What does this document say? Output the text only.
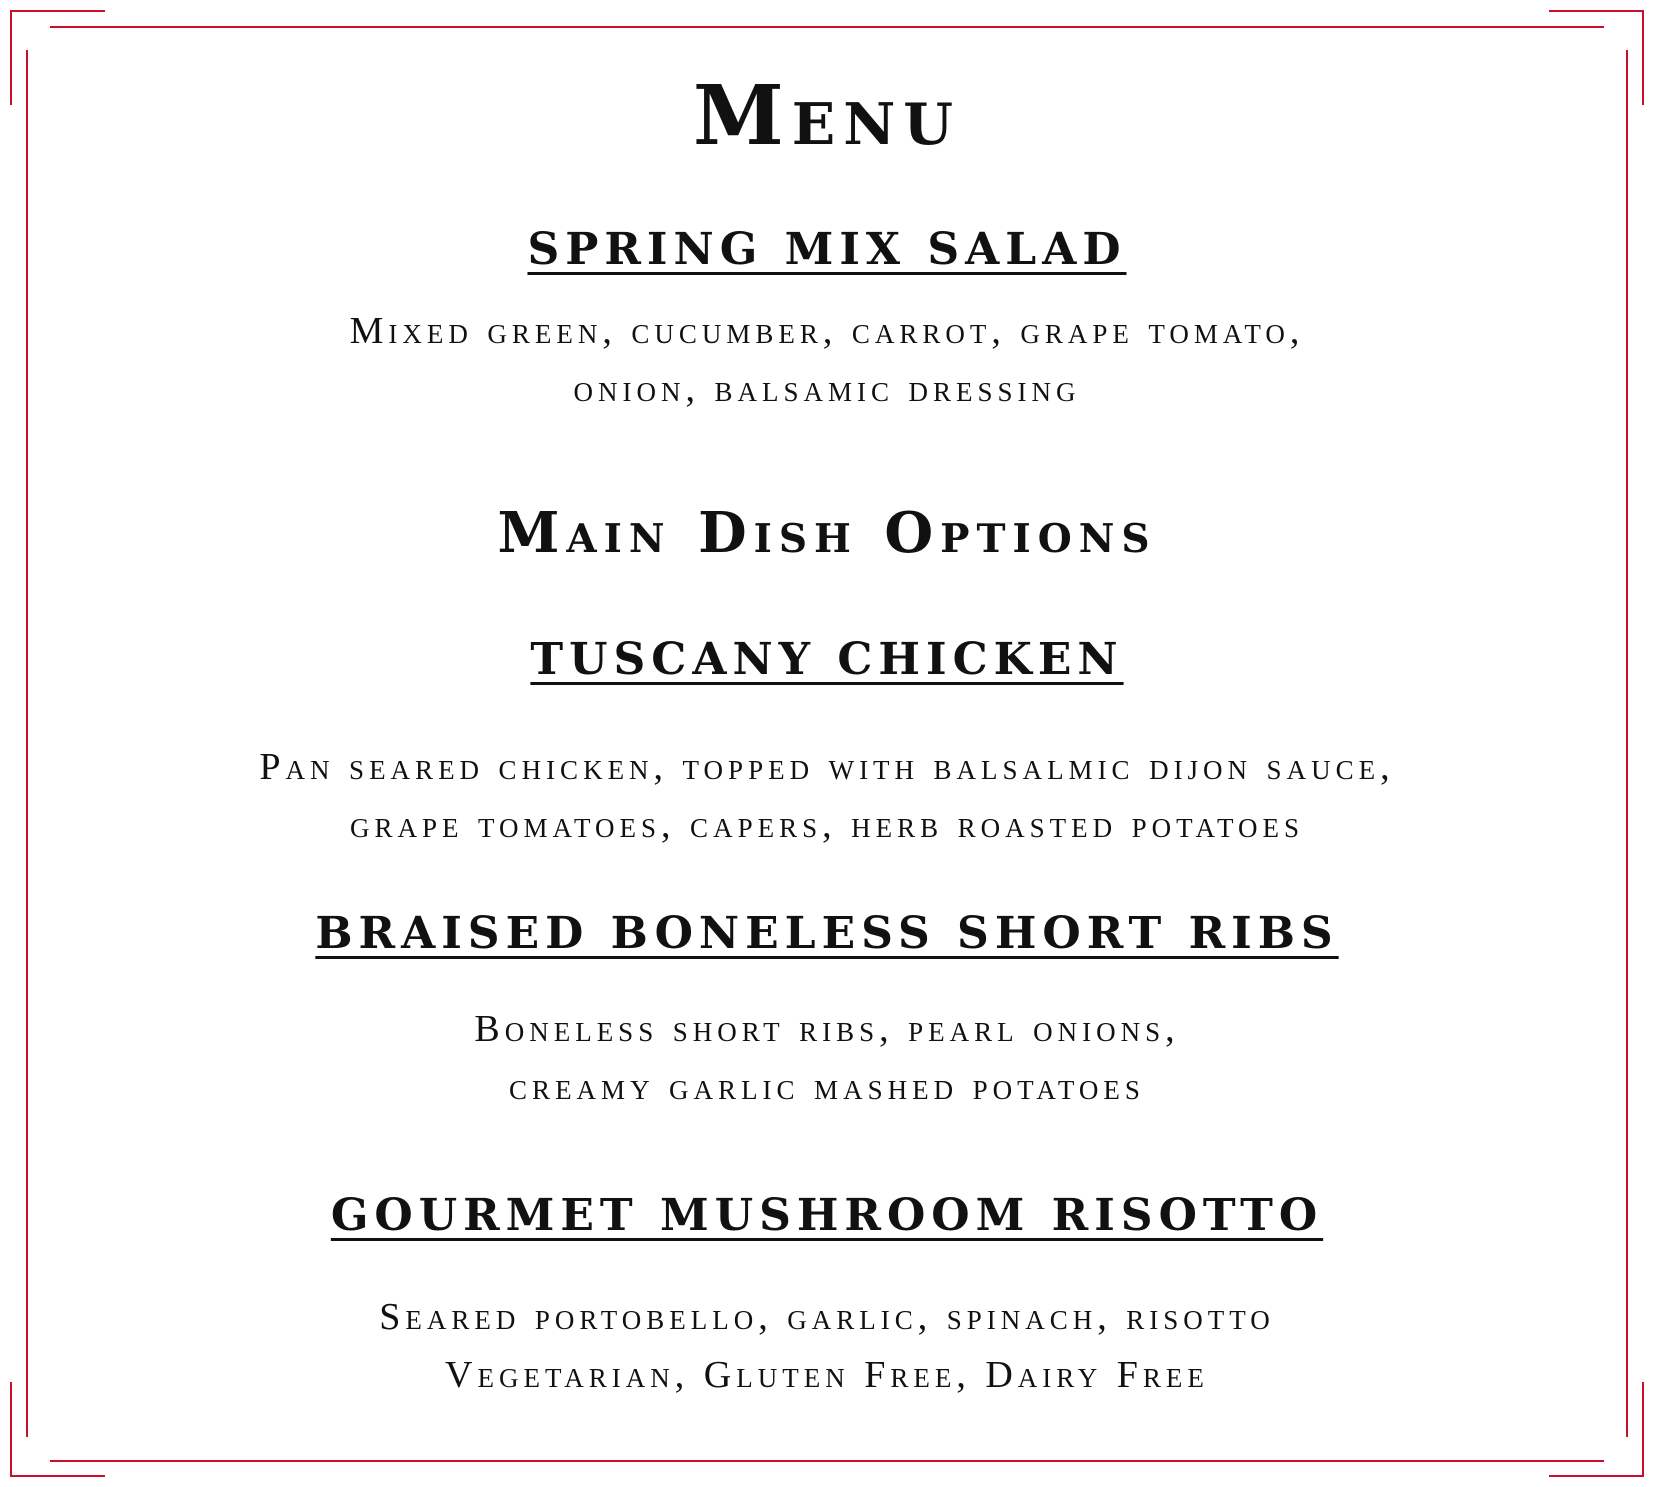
Menu
SPRING MIX SALAD
Mixed green, cucumber, carrot, grape tomato,
onion, balsamic dressing
Main Dish Options
TUSCANY CHICKEN
Pan seared chicken, topped with balsalmic dijon sauce,
grape tomatoes, capers, herb roasted potatoes
BRAISED BONELESS SHORT RIBS
Boneless short ribs, pearl onions,
creamy garlic mashed potatoes
GOURMET MUSHROOM RISOTTO
Seared portobello, garlic, spinach, risotto
Vegetarian, Gluten Free, Dairy Free
